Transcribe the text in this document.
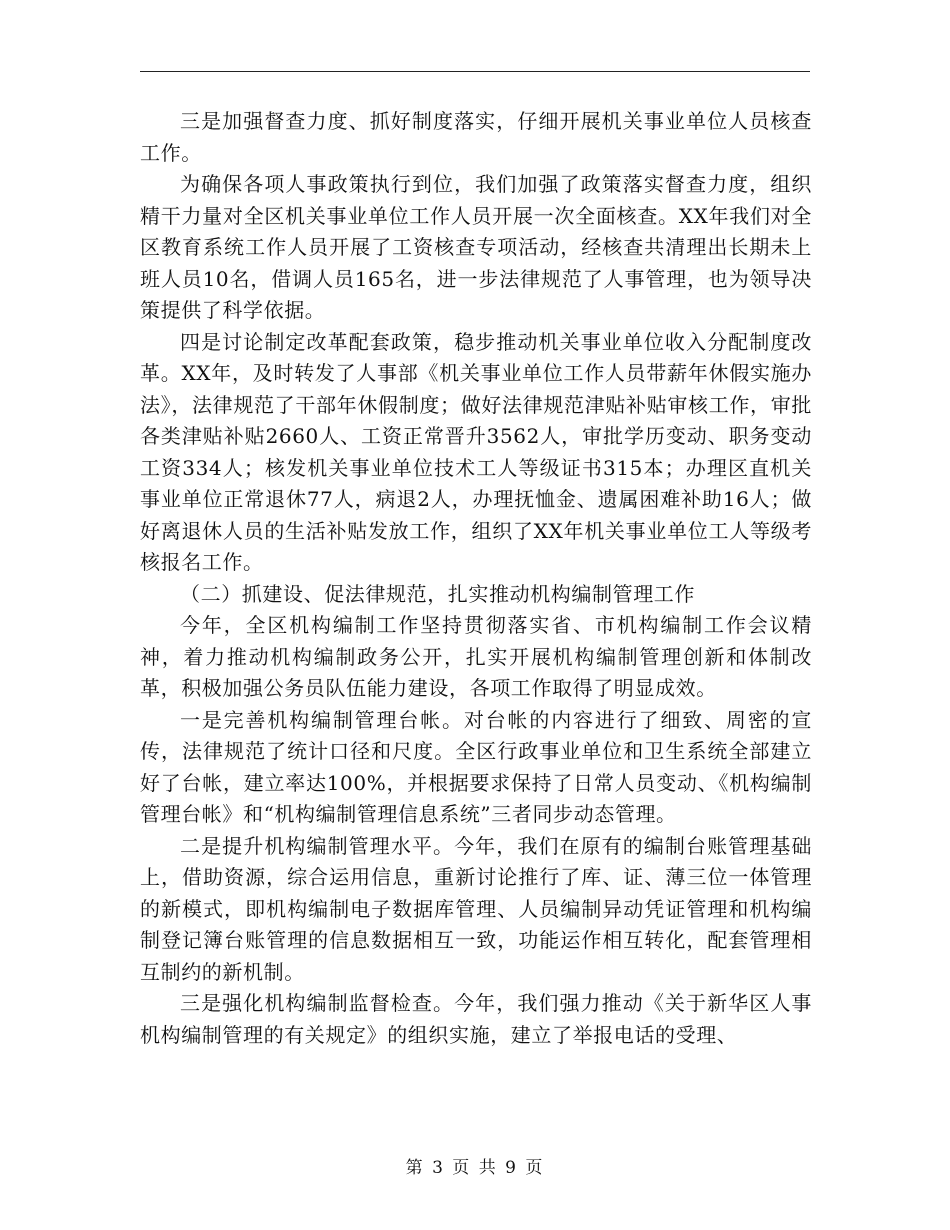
三是加强督查力度、抓好制度落实，仔细开展机关事业单位人员核查工作。

为确保各项人事政策执行到位，我们加强了政策落实督查力度，组织精干力量对全区机关事业单位工作人员开展一次全面核查。XX年我们对全区教育系统工作人员开展了工资核查专项活动，经核查共清理出长期未上班人员10名，借调人员165名，进一步法律规范了人事管理，也为领导决策提供了科学依据。

四是讨论制定改革配套政策，稳步推动机关事业单位收入分配制度改革。XX年，及时转发了人事部《机关事业单位工作人员带薪年休假实施办法》，法律规范了干部年休假制度；做好法律规范津贴补贴审核工作，审批各类津贴补贴2660人、工资正常晋升3562人，审批学历变动、职务变动工资334人；核发机关事业单位技术工人等级证书315本；办理区直机关事业单位正常退休77人，病退2人，办理抚恤金、遗属困难补助16人；做好离退休人员的生活补贴发放工作，组织了XX年机关事业单位工人等级考核报名工作。

（二）抓建设、促法律规范，扎实推动机构编制管理工作

今年，全区机构编制工作坚持贯彻落实省、市机构编制工作会议精神，着力推动机构编制政务公开，扎实开展机构编制管理创新和体制改革，积极加强公务员队伍能力建设，各项工作取得了明显成效。

一是完善机构编制管理台帐。对台帐的内容进行了细致、周密的宣传，法律规范了统计口径和尺度。全区行政事业单位和卫生系统全部建立好了台帐，建立率达100%，并根据要求保持了日常人员变动、《机构编制管理台帐》和“机构编制管理信息系统”三者同步动态管理。

二是提升机构编制管理水平。今年，我们在原有的编制台账管理基础上，借助资源，综合运用信息，重新讨论推行了库、证、薄三位一体管理的新模式，即机构编制电子数据库管理、人员编制异动凭证管理和机构编制登记簿台账管理的信息数据相互一致，功能运作相互转化，配套管理相互制约的新机制。

三是强化机构编制监督检查。今年，我们强力推动《关于新华区人事机构编制管理的有关规定》的组织实施，建立了举报电话的受理、

第 3 页 共 9 页
